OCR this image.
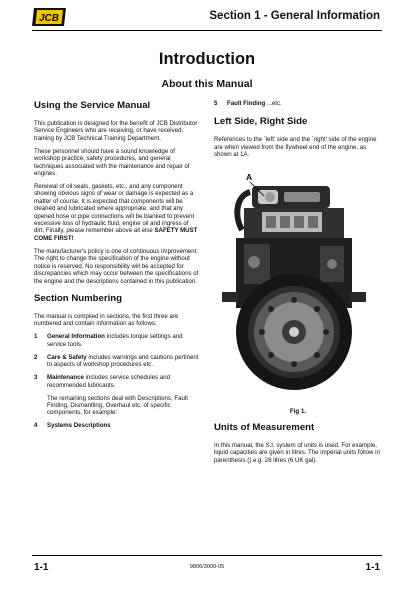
JCB	Section 1 - General Information
Introduction
About this Manual
Using the Service Manual

This publication is designed for the benefit of JCB Distributor Service Engineers who are receiving, or have received, training by JCB Technical Training Department.

These personnel should have a sound knowledge of workshop practice, safety procedures, and general techniques associated with the maintenance and repair of engines.

Renewal of oil seals, gaskets, etc., and any component showing obvious signs of wear or damage is expected as a matter of course. It is expected that components will be cleaned and lubricated where appropriate, and that any opened hose or pipe connections will be blanked to prevent excessive loss of hydraulic fluid, engine oil and ingress of dirt. Finally, please remember above all else SAFETY MUST COME FIRST!

The manufacturer's policy is one of continuous improvement. The right to change the specification of the engine without notice is reserved. No responsibility will be accepted for discrepancies which may occur between the specifications of the engine and the descriptions contained in this publication.

Section Numbering

The manual is compiled in sections, the first three are numbered and contain information as follows:

1	General Information includes torque settings and service tools.
2	Care & Safety includes warnings and cautions pertinent to aspects of workshop procedures etc.
3	Maintenance includes service schedules and recommended lubricants.

The remaining sections deal with Descriptions, Fault Finding, Dismantling, Overhaul etc. of specific components, for example:

4	Systems Descriptions
5	Fault Finding ...etc.
Left Side, Right Side

References to the `left' side and the `right' side of the engine are when viewed from the flywheel end of the engine, as shown at 1A.

A
Fig 1.
Units of Measurement

In this manual, the S.I. system of units is used. For example, liquid capacities are given in litres. The imperial units follow in parenthesis () e.g. 28 litres (6 UK gal).

1-1	9806/3000-05	1-1
